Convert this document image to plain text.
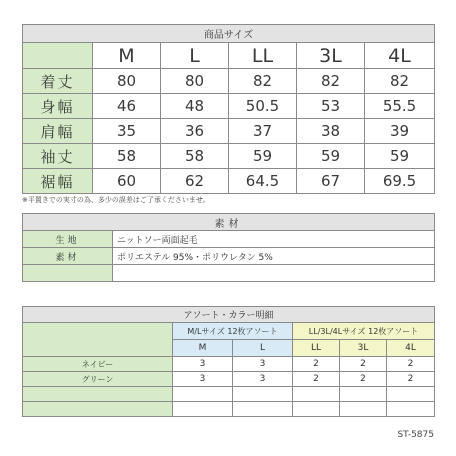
商品サイズ					
	M	L	LL	3L	4L
着丈	80	80	82	82	82
身幅	46	48	50.5	53	55.5
肩幅	35	36	37	38	39
袖丈	58	58	59	59	59
裾幅	60	62	64.5	67	69.5
※平置きでの実寸の為、多少の誤差はご了承くださいませ。
素材	
生地	ニットソー両面起毛
素材	ポリエステル 95%・ポリウレタン 5%

アソート・カラー明細					
	M/Lサイズ 12枚アソート		LL/3L/4Lサイズ 12枚アソート		
	M	L	LL	3L	4L
ネイビー	3	3	2	2	2
グリーン	3	3	2	2	2

ST-5875
